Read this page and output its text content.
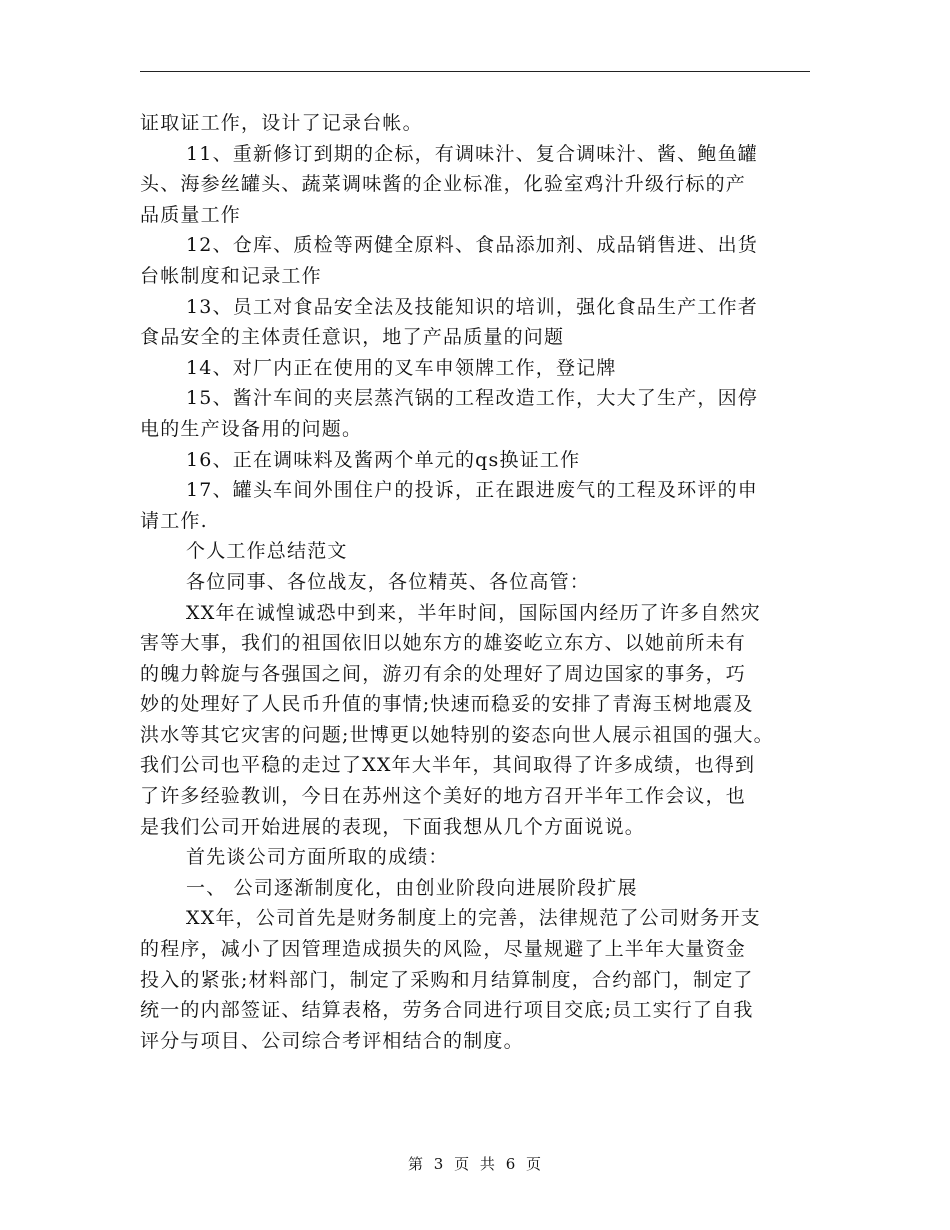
证取证工作，设计了记录台帐。
11、重新修订到期的企标，有调味汁、复合调味汁、酱、鲍鱼罐
头、海参丝罐头、蔬菜调味酱的企业标准，化验室鸡汁升级行标的产
品质量工作
12、仓库、质检等两健全原料、食品添加剂、成品销售进、出货
台帐制度和记录工作
13、员工对食品安全法及技能知识的培训，强化食品生产工作者
食品安全的主体责任意识，地了产品质量的问题
14、对厂内正在使用的叉车申领牌工作，登记牌
15、酱汁车间的夹层蒸汽锅的工程改造工作，大大了生产，因停
电的生产设备用的问题。
16、正在调味料及酱两个单元的qs换证工作
17、罐头车间外围住户的投诉，正在跟进废气的工程及环评的申
请工作.
个人工作总结范文
各位同事、各位战友，各位精英、各位高管：
XX年在诚惶诚恐中到来，半年时间，国际国内经历了许多自然灾
害等大事，我们的祖国依旧以她东方的雄姿屹立东方、以她前所未有
的魄力斡旋与各强国之间，游刃有余的处理好了周边国家的事务，巧
妙的处理好了人民币升值的事情;快速而稳妥的安排了青海玉树地震及
洪水等其它灾害的问题;世博更以她特别的姿态向世人展示祖国的强大。
我们公司也平稳的走过了XX年大半年，其间取得了许多成绩，也得到
了许多经验教训，今日在苏州这个美好的地方召开半年工作会议，也
是我们公司开始进展的表现，下面我想从几个方面说说。
首先谈公司方面所取的成绩：
一、 公司逐渐制度化，由创业阶段向进展阶段扩展
XX年，公司首先是财务制度上的完善，法律规范了公司财务开支
的程序，减小了因管理造成损失的风险，尽量规避了上半年大量资金
投入的紧张;材料部门，制定了采购和月结算制度，合约部门，制定了
统一的内部签证、结算表格，劳务合同进行项目交底;员工实行了自我
评分与项目、公司综合考评相结合的制度。
第 3 页 共 6 页
